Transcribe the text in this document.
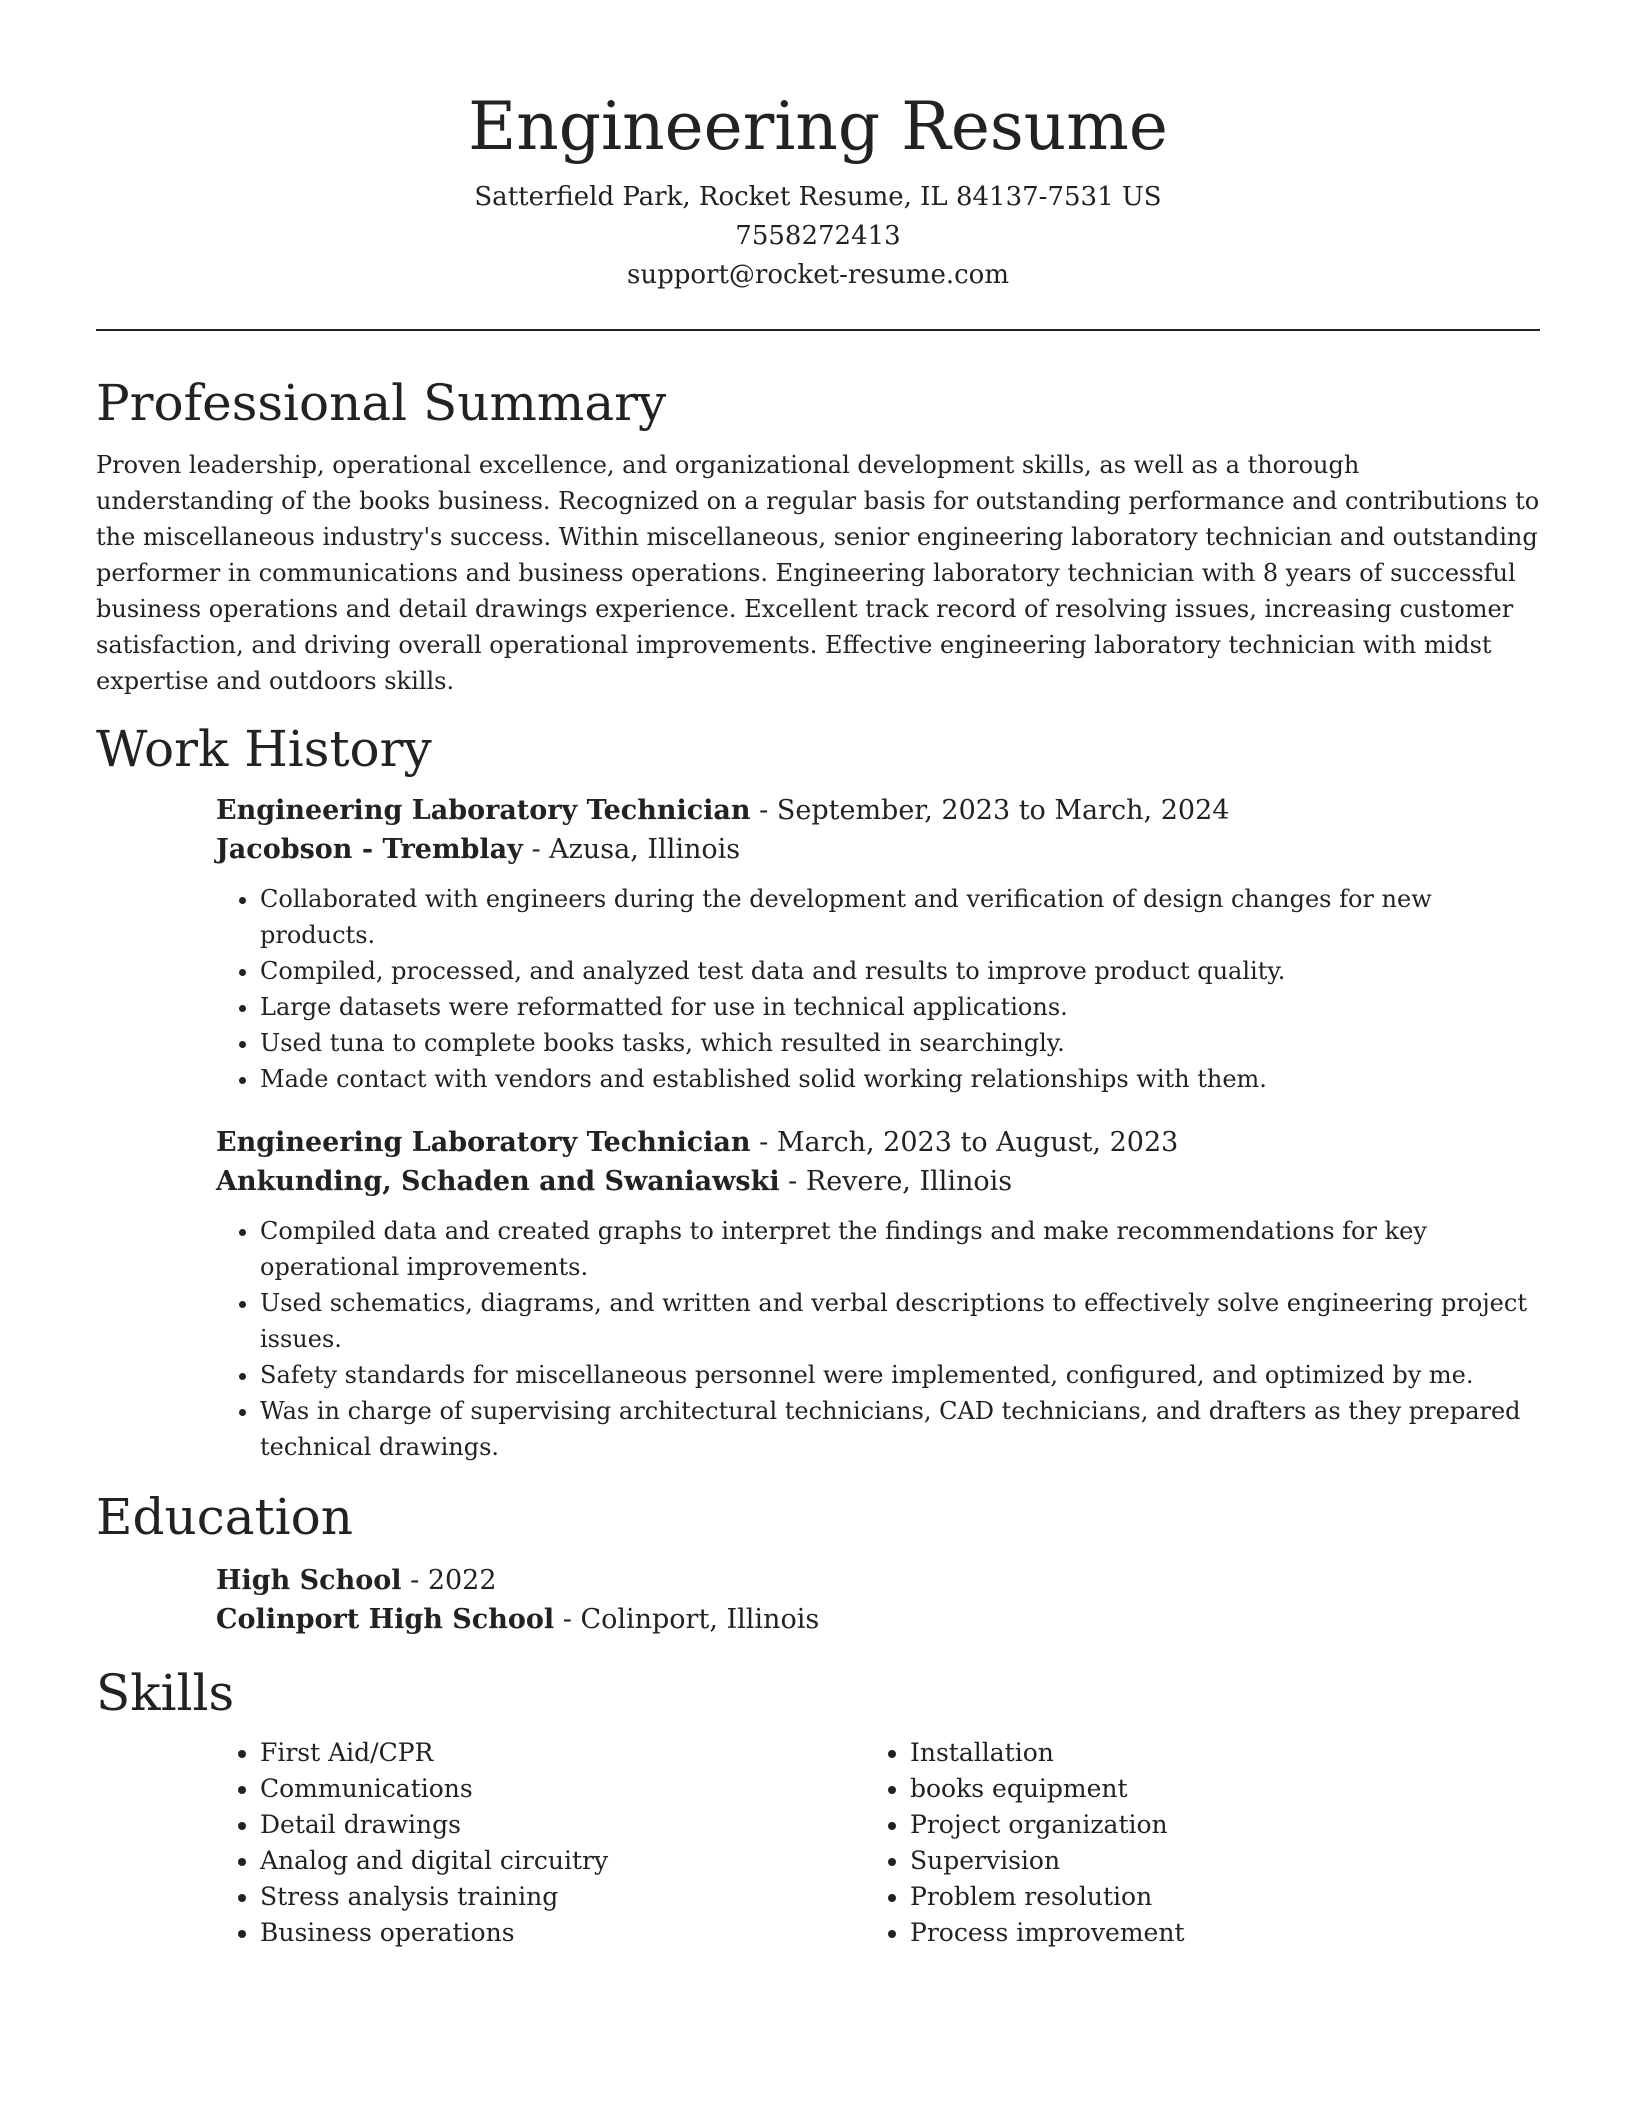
Engineering Resume

Satterfield Park, Rocket Resume, IL 84137-7531 US

7558272413

support@rocket-resume.com

Professional Summary

Proven leadership, operational excellence, and organizational development skills, as well as a thorough understanding of the books business. Recognized on a regular basis for outstanding performance and contributions to the miscellaneous industry's success. Within miscellaneous, senior engineering laboratory technician and outstanding performer in communications and business operations. Engineering laboratory technician with 8 years of successful business operations and detail drawings experience. Excellent track record of resolving issues, increasing customer satisfaction, and driving overall operational improvements. Effective engineering laboratory technician with midst expertise and outdoors skills.

Work History

Engineering Laboratory Technician - September, 2023 to March, 2024

Jacobson - Tremblay - Azusa, Illinois

• Collaborated with engineers during the development and verification of design changes for new products.
• Compiled, processed, and analyzed test data and results to improve product quality.
• Large datasets were reformatted for use in technical applications.
• Used tuna to complete books tasks, which resulted in searchingly.
• Made contact with vendors and established solid working relationships with them.

Engineering Laboratory Technician - March, 2023 to August, 2023

Ankunding, Schaden and Swaniawski - Revere, Illinois

• Compiled data and created graphs to interpret the findings and make recommendations for key operational improvements.
• Used schematics, diagrams, and written and verbal descriptions to effectively solve engineering project issues.
• Safety standards for miscellaneous personnel were implemented, configured, and optimized by me.
• Was in charge of supervising architectural technicians, CAD technicians, and drafters as they prepared technical drawings.
Education

High School - 2022

Colinport High School - Colinport, Illinois

Skills
• First Aid/CPR
• Communications
• Detail drawings
• Analog and digital circuitry
• Stress analysis training
• Business operations
• Installation
• books equipment
• Project organization
• Supervision
• Problem resolution
• Process improvement
